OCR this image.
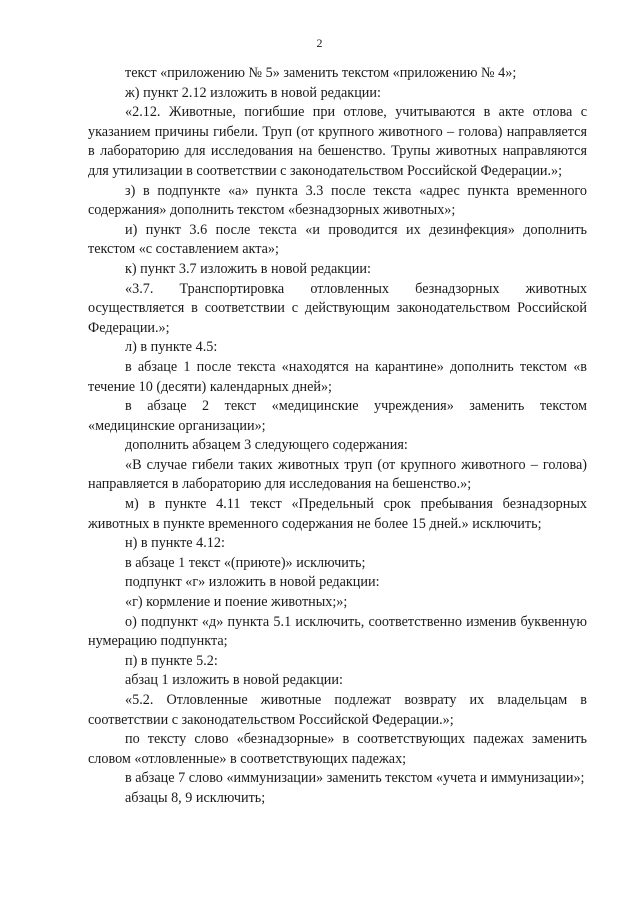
2

текст «приложению № 5» заменить текстом «приложению № 4»;

ж) пункт 2.12 изложить в новой редакции:

«2.12. Животные, погибшие при отлове, учитываются в акте отлова с указанием причины гибели. Труп (от крупного животного – голова) направляется в лабораторию для исследования на бешенство. Трупы животных направляются для утилизации в соответствии с законодательством Российской Федерации.»;

з) в подпункте «а» пункта 3.3 после текста «адрес пункта временного содержания» дополнить текстом «безнадзорных животных»;

и) пункт 3.6 после текста «и проводится их дезинфекция» дополнить текстом «с составлением акта»;

к) пункт 3.7 изложить в новой редакции:

«3.7. Транспортировка отловленных безнадзорных животных осуществляется в соответствии с действующим законодательством Российской Федерации.»;

л) в пункте 4.5:

в абзаце 1 после текста «находятся на карантине» дополнить текстом «в течение 10 (десяти) календарных дней»;

в абзаце 2 текст «медицинские учреждения» заменить текстом «медицинские организации»;

дополнить абзацем 3 следующего содержания:

«В случае гибели таких животных труп (от крупного животного – голова) направляется в лабораторию для исследования на бешенство.»;

м) в пункте 4.11 текст «Предельный срок пребывания безнадзорных животных в пункте временного содержания не более 15 дней.» исключить;

н) в пункте 4.12:

в абзаце 1 текст «(приюте)» исключить;

подпункт «г» изложить в новой редакции:

«г) кормление и поение животных;»;

о) подпункт «д» пункта 5.1 исключить, соответственно изменив буквенную нумерацию подпункта;

п) в пункте 5.2:

абзац 1 изложить в новой редакции:

«5.2. Отловленные животные подлежат возврату их владельцам в соответствии с законодательством Российской Федерации.»;

по тексту слово «безнадзорные» в соответствующих падежах заменить словом «отловленные» в соответствующих падежах;

в абзаце 7 слово «иммунизации» заменить текстом «учета и иммунизации»;

абзацы 8, 9 исключить;
